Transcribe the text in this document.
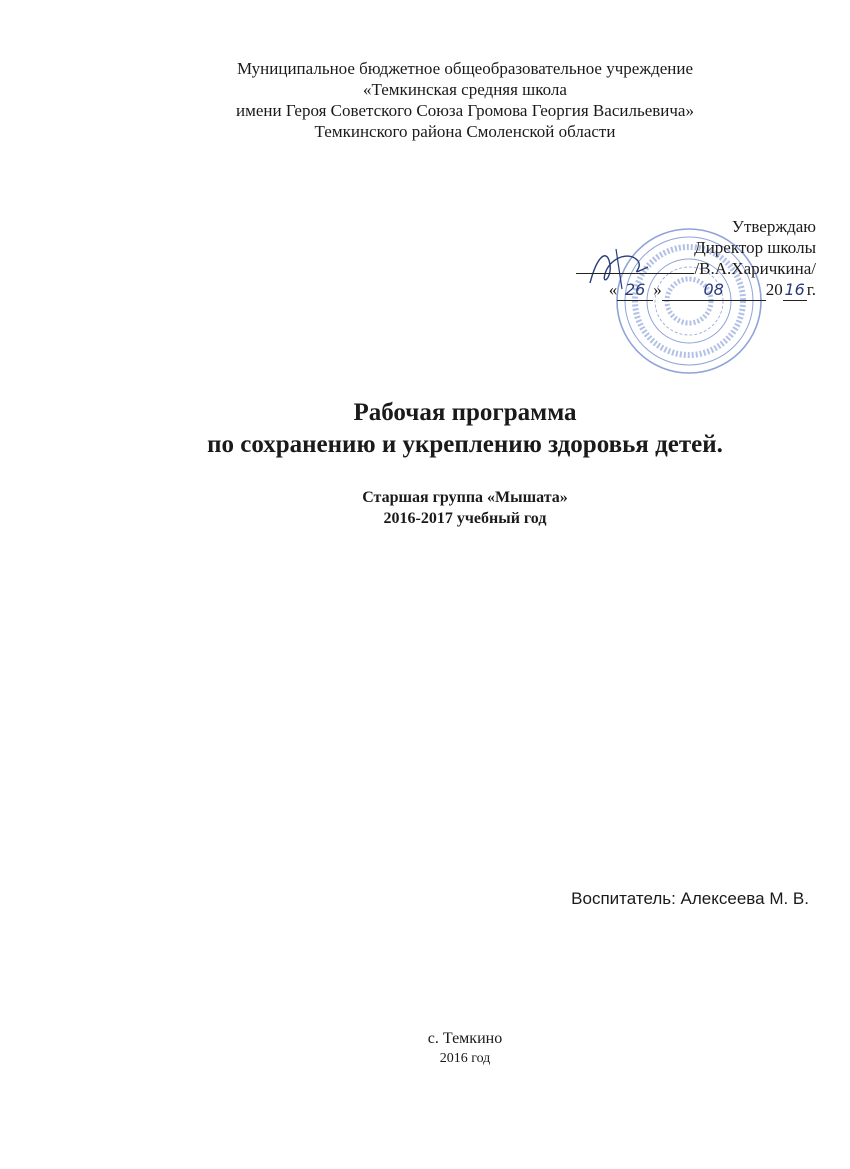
Муниципальное бюджетное общеобразовательное учреждение
«Темкинская средняя школа
имени Героя Советского Союза Громова Георгия Васильевича»
Темкинского района Смоленской области
Утверждаю
Директор школы
/В.А.Харичкина/
« 26 »	08 20 16 г.
Рабочая программа
по сохранению и укреплению здоровья детей.
Старшая группа «Мышата»
2016-2017 учебный год
Воспитатель: Алексеева М. В.
с. Темкино
2016 год
